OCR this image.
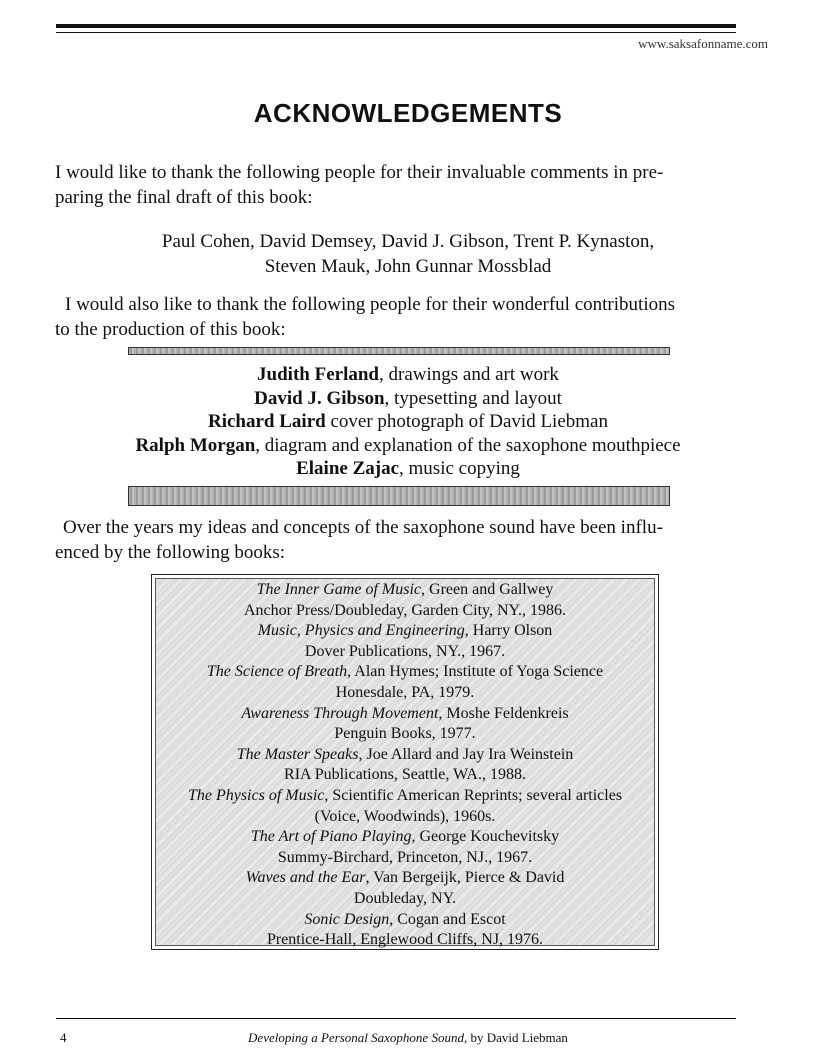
www.saksafonname.com
ACKNOWLEDGEMENTS
I would like to thank the following people for their invaluable comments in pre-
paring the final draft of this book:
Paul Cohen, David Demsey, David J. Gibson, Trent P. Kynaston,
Steven Mauk, John Gunnar Mossblad
I would also like to thank the following people for their wonderful contributions
to the production of this book:
Judith Ferland, drawings and art work
David J. Gibson, typesetting and layout
Richard Laird cover photograph of David Liebman
Ralph Morgan, diagram and explanation of the saxophone mouthpiece
Elaine Zajac, music copying
Over the years my ideas and concepts of the saxophone sound have been influ-
enced by the following books:
The Inner Game of Music, Green and Gallwey
Anchor Press/Doubleday, Garden City, NY., 1986.
Music, Physics and Engineering, Harry Olson
Dover Publications, NY., 1967.
The Science of Breath, Alan Hymes; Institute of Yoga Science
Honesdale, PA, 1979.
Awareness Through Movement, Moshe Feldenkreis
Penguin Books, 1977.
The Master Speaks, Joe Allard and Jay Ira Weinstein
RIA Publications, Seattle, WA., 1988.
The Physics of Music, Scientific American Reprints; several articles
(Voice, Woodwinds), 1960s.
The Art of Piano Playing, George Kouchevitsky
Summy-Birchard, Princeton, NJ., 1967.
Waves and the Ear, Van Bergeijk, Pierce & David
Doubleday, NY.
Sonic Design, Cogan and Escot
Prentice-Hall, Englewood Cliffs, NJ, 1976.
4	Developing a Personal Saxophone Sound, by David Liebman
